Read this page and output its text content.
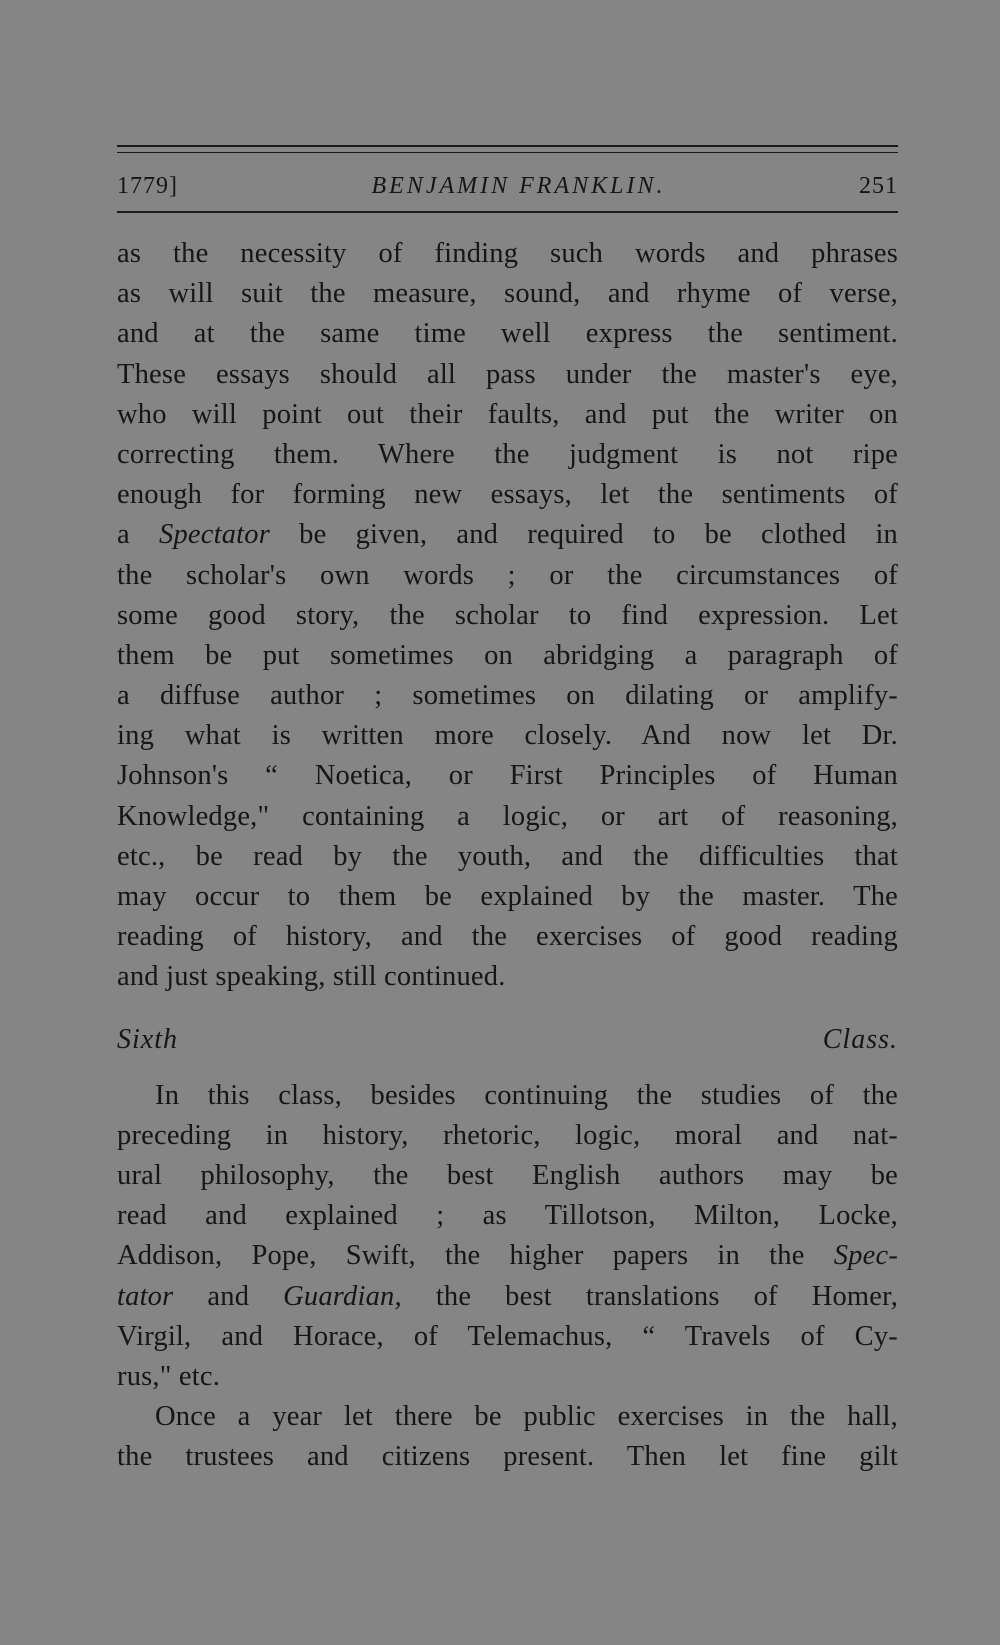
1779]	BENJAMIN FRANKLIN.	251
as the necessity of finding such words and phrases
as will suit the measure, sound, and rhyme of verse,
and at the same time well express the sentiment.
These essays should all pass under the master's eye,
who will point out their faults, and put the writer on
correcting them. Where the judgment is not ripe
enough for forming new essays, let the sentiments of
a Spectator be given, and required to be clothed in
the scholar's own words ; or the circumstances of
some good story, the scholar to find expression. Let
them be put sometimes on abridging a paragraph of
a diffuse author ; sometimes on dilating or amplify-
ing what is written more closely. And now let Dr.
Johnson's “ Noetica, or First Principles of Human
Knowledge," containing a logic, or art of reasoning,
etc., be read by the youth, and the difficulties that
may occur to them be explained by the master. The
reading of history, and the exercises of good reading
and just speaking, still continued.
Sixth Class.
In this class, besides continuing the studies of the
preceding in history, rhetoric, logic, moral and nat-
ural philosophy, the best English authors may be
read and explained ; as Tillotson, Milton, Locke,
Addison, Pope, Swift, the higher papers in the Spec-
tator and Guardian, the best translations of Homer,
Virgil, and Horace, of Telemachus, “ Travels of Cy-
rus," etc.
Once a year let there be public exercises in the hall,
the trustees and citizens present. Then let fine gilt
